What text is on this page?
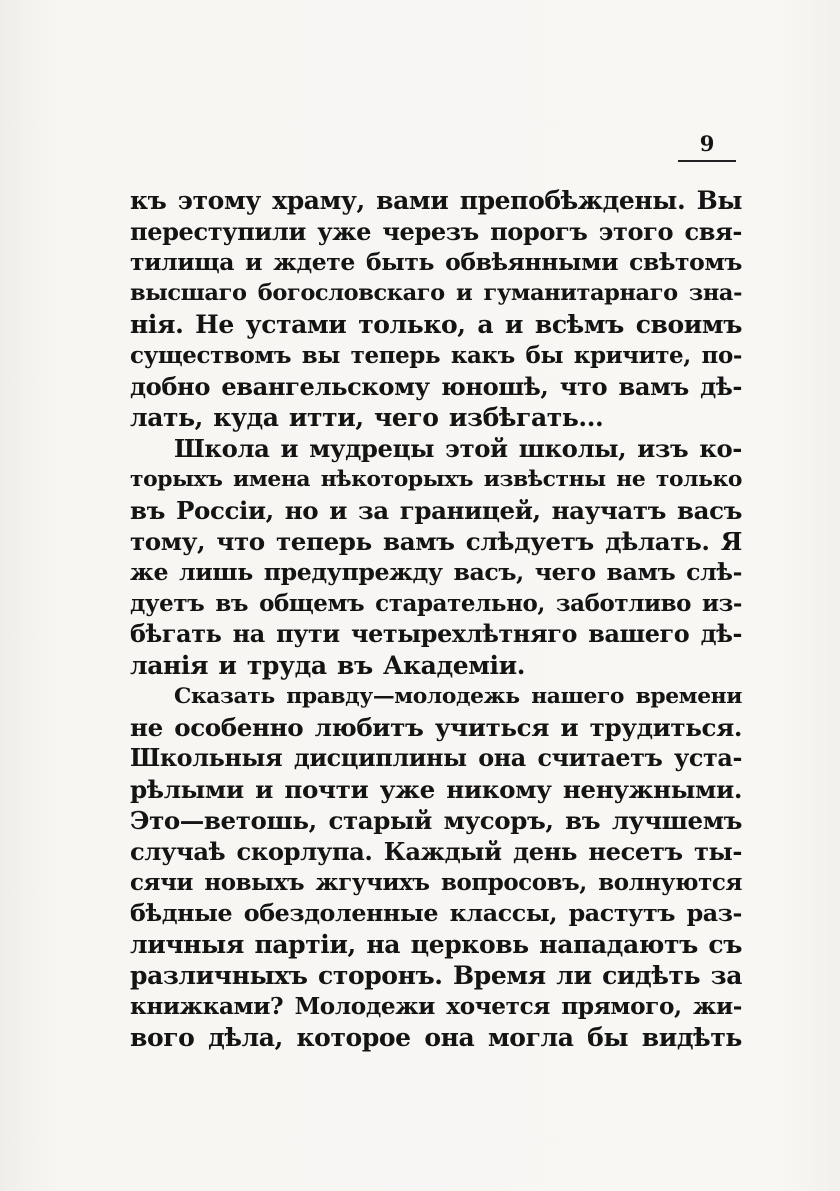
9
къ этому храму, вами препобѣждены. Вы
переступили уже черезъ порогъ этого свя-
тилища и ждете быть обвѣянными свѣтомъ
высшаго богословскаго и гуманитарнаго зна-
нія. Не устами только, а и всѣмъ своимъ
существомъ вы теперь какъ бы кричите, по-
добно евангельскому юношѣ, что вамъ дѣ-
лать, куда итти, чего избѣгать...
Школа и мудрецы этой школы, изъ ко-
торыхъ имена нѣкоторыхъ извѣстны не только
въ Россіи, но и за границей, научатъ васъ
тому, что теперь вамъ слѣдуетъ дѣлать. Я
же лишь предупрежду васъ, чего вамъ слѣ-
дуетъ въ общемъ старательно, заботливо из-
бѣгать на пути четырехлѣтняго вашего дѣ-
ланія и труда въ Академіи.
Сказать правду—молодежь нашего времени
не особенно любитъ учиться и трудиться.
Школьныя дисциплины она считаетъ уста-
рѣлыми и почти уже никому ненужными.
Это—ветошь, старый мусоръ, въ лучшемъ
случаѣ скорлупа. Каждый день несетъ ты-
сячи новыхъ жгучихъ вопросовъ, волнуются
бѣдные обездоленные классы, растутъ раз-
личныя партіи, на церковь нападаютъ съ
различныхъ сторонъ. Время ли сидѣть за
книжками? Молодежи хочется прямого, жи-
вого дѣла, которое она могла бы видѣть
